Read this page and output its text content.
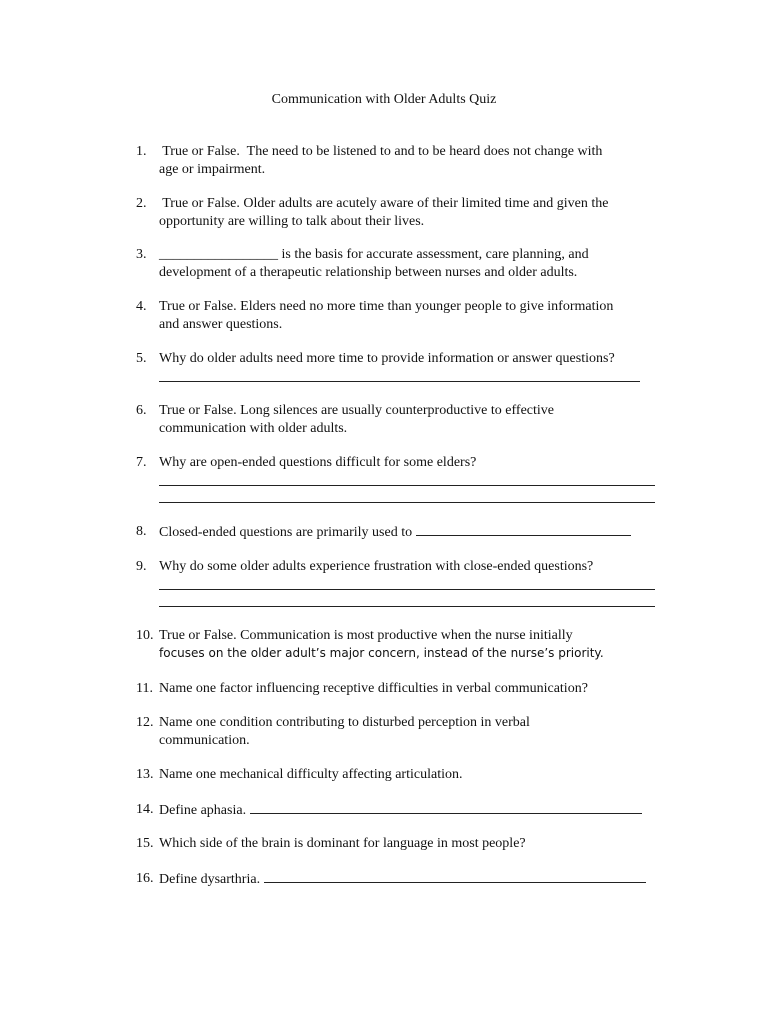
Communication with Older Adults Quiz
1. True or False.  The need to be listened to and to be heard does not change with
age or impairment.
2. True or False. Older adults are acutely aware of their limited time and given the
opportunity are willing to talk about their lives.
3. _________________ is the basis for accurate assessment, care planning, and
development of a therapeutic relationship between nurses and older adults.
4. True or False. Elders need no more time than younger people to give information
and answer questions.
5. Why do older adults need more time to provide information or answer questions?
6. True or False. Long silences are usually counterproductive to effective
communication with older adults.
7. Why are open-ended questions difficult for some elders?
8. Closed-ended questions are primarily used to
9. Why do some older adults experience frustration with close-ended questions?
10. True or False. Communication is most productive when the nurse initially
focuses on the older adult’s major concern, instead of the nurse’s priority.
11. Name one factor influencing receptive difficulties in verbal communication?
12. Name one condition contributing to disturbed perception in verbal
communication.
13. Name one mechanical difficulty affecting articulation.
14. Define aphasia.
15. Which side of the brain is dominant for language in most people?
16. Define dysarthria.
